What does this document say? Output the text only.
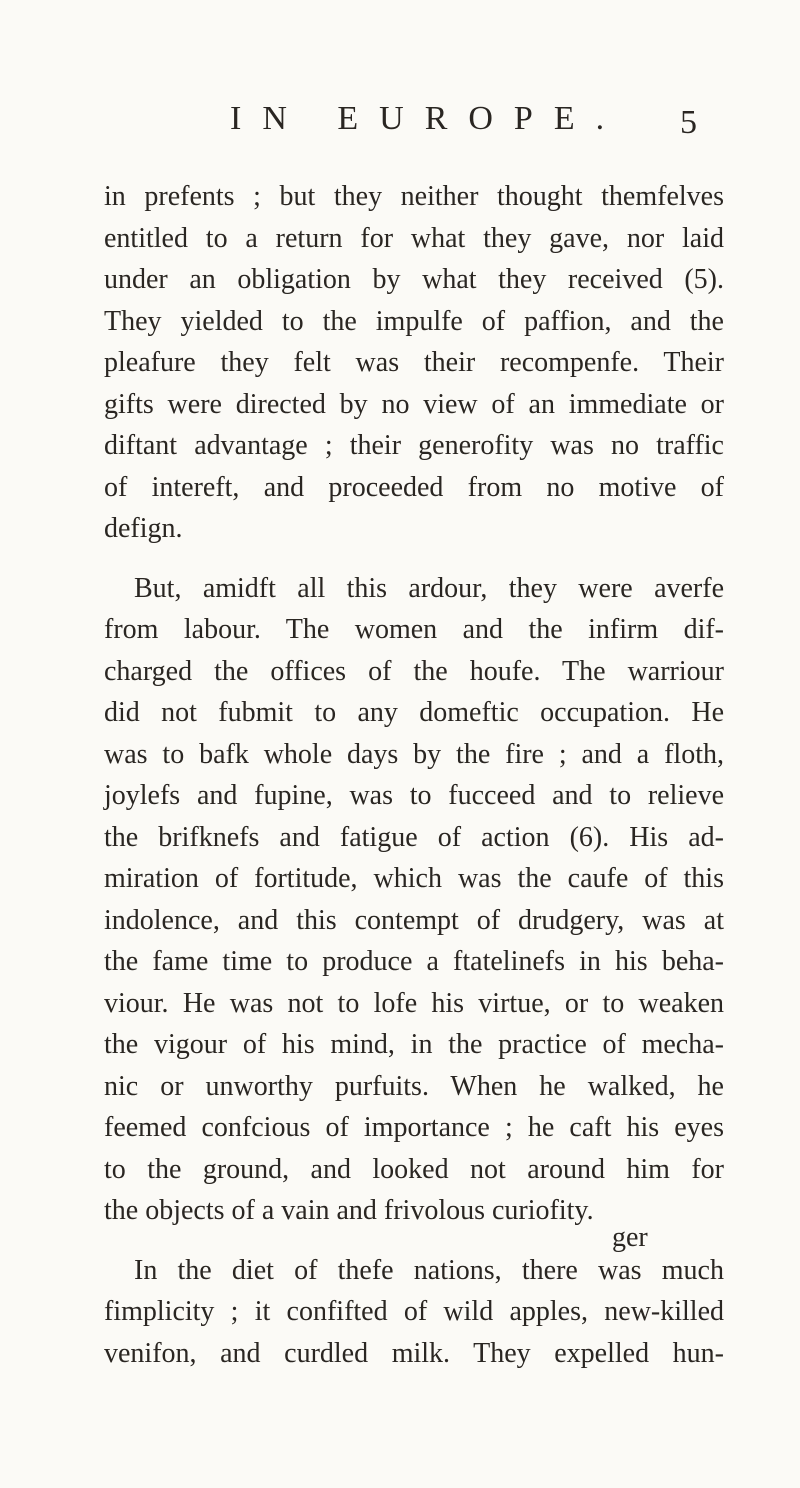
IN EUROPE. 5
in prefents ; but they neither thought themfelves
entitled to a return for what they gave, nor laid
under an obligation by what they received (5).
They yielded to the impulfe of paffion, and the
pleafure they felt was their recompenfe. Their
gifts were directed by no view of an immediate or
diftant advantage ; their generofity was no traffic
of intereft, and proceeded from no motive of
defign.
But, amidft all this ardour, they were averfe
from labour. The women and the infirm dif-
charged the offices of the houfe. The warriour
did not fubmit to any domeftic occupation. He
was to bafk whole days by the fire ; and a floth,
joylefs and fupine, was to fucceed and to relieve
the brifknefs and fatigue of action (6). His ad-
miration of fortitude, which was the caufe of this
indolence, and this contempt of drudgery, was at
the fame time to produce a ftatelinefs in his beha-
viour. He was not to lofe his virtue, or to weaken
the vigour of his mind, in the practice of mecha-
nic or unworthy purfuits. When he walked, he
feemed confcious of importance ; he caft his eyes
to the ground, and looked not around him for
the objects of a vain and frivolous curiofity.
In the diet of thefe nations, there was much
fimplicity ; it confifted of wild apples, new-killed
venifon, and curdled milk. They expelled hun-
ger
